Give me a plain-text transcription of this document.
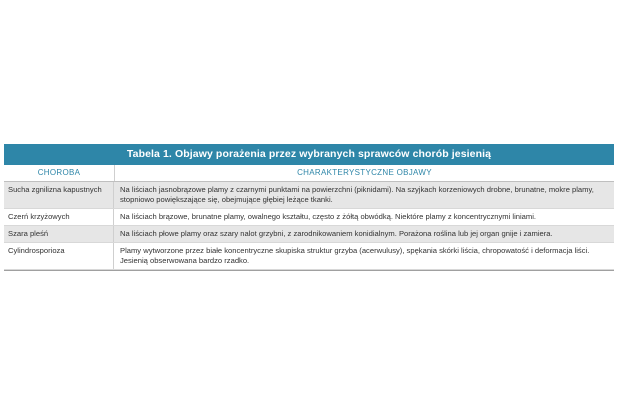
Tabela 1. Objawy porażenia przez wybranych sprawców chorób jesienią
CHOROBA	CHARAKTERYSTYCZNE OBJAWY
Sucha zgnilizna kapustnych	Na liściach jasnobrązowe plamy z czarnymi punktami na powierzchni (piknidami). Na szyjkach korzeniowych drobne, brunatne, mokre plamy, stopniowo powiększające się, obejmujące głębiej leżące tkanki.
Czerń krzyżowych	Na liściach brązowe, brunatne plamy, owalnego kształtu, często z żółtą obwódką. Niektóre plamy z koncentrycznymi liniami.
Szara pleśń	Na liściach płowe plamy oraz szary nalot grzybni, z zarodnikowaniem konidialnym. Porażona roślina lub jej organ gnije i zamiera.
Cylindrosporioza	Plamy wytworzone przez białe koncentryczne skupiska struktur grzyba (acerwulusy), spękania skórki liścia, chropowatość i deformacja liści. Jesienią obserwowana bardzo rzadko.
